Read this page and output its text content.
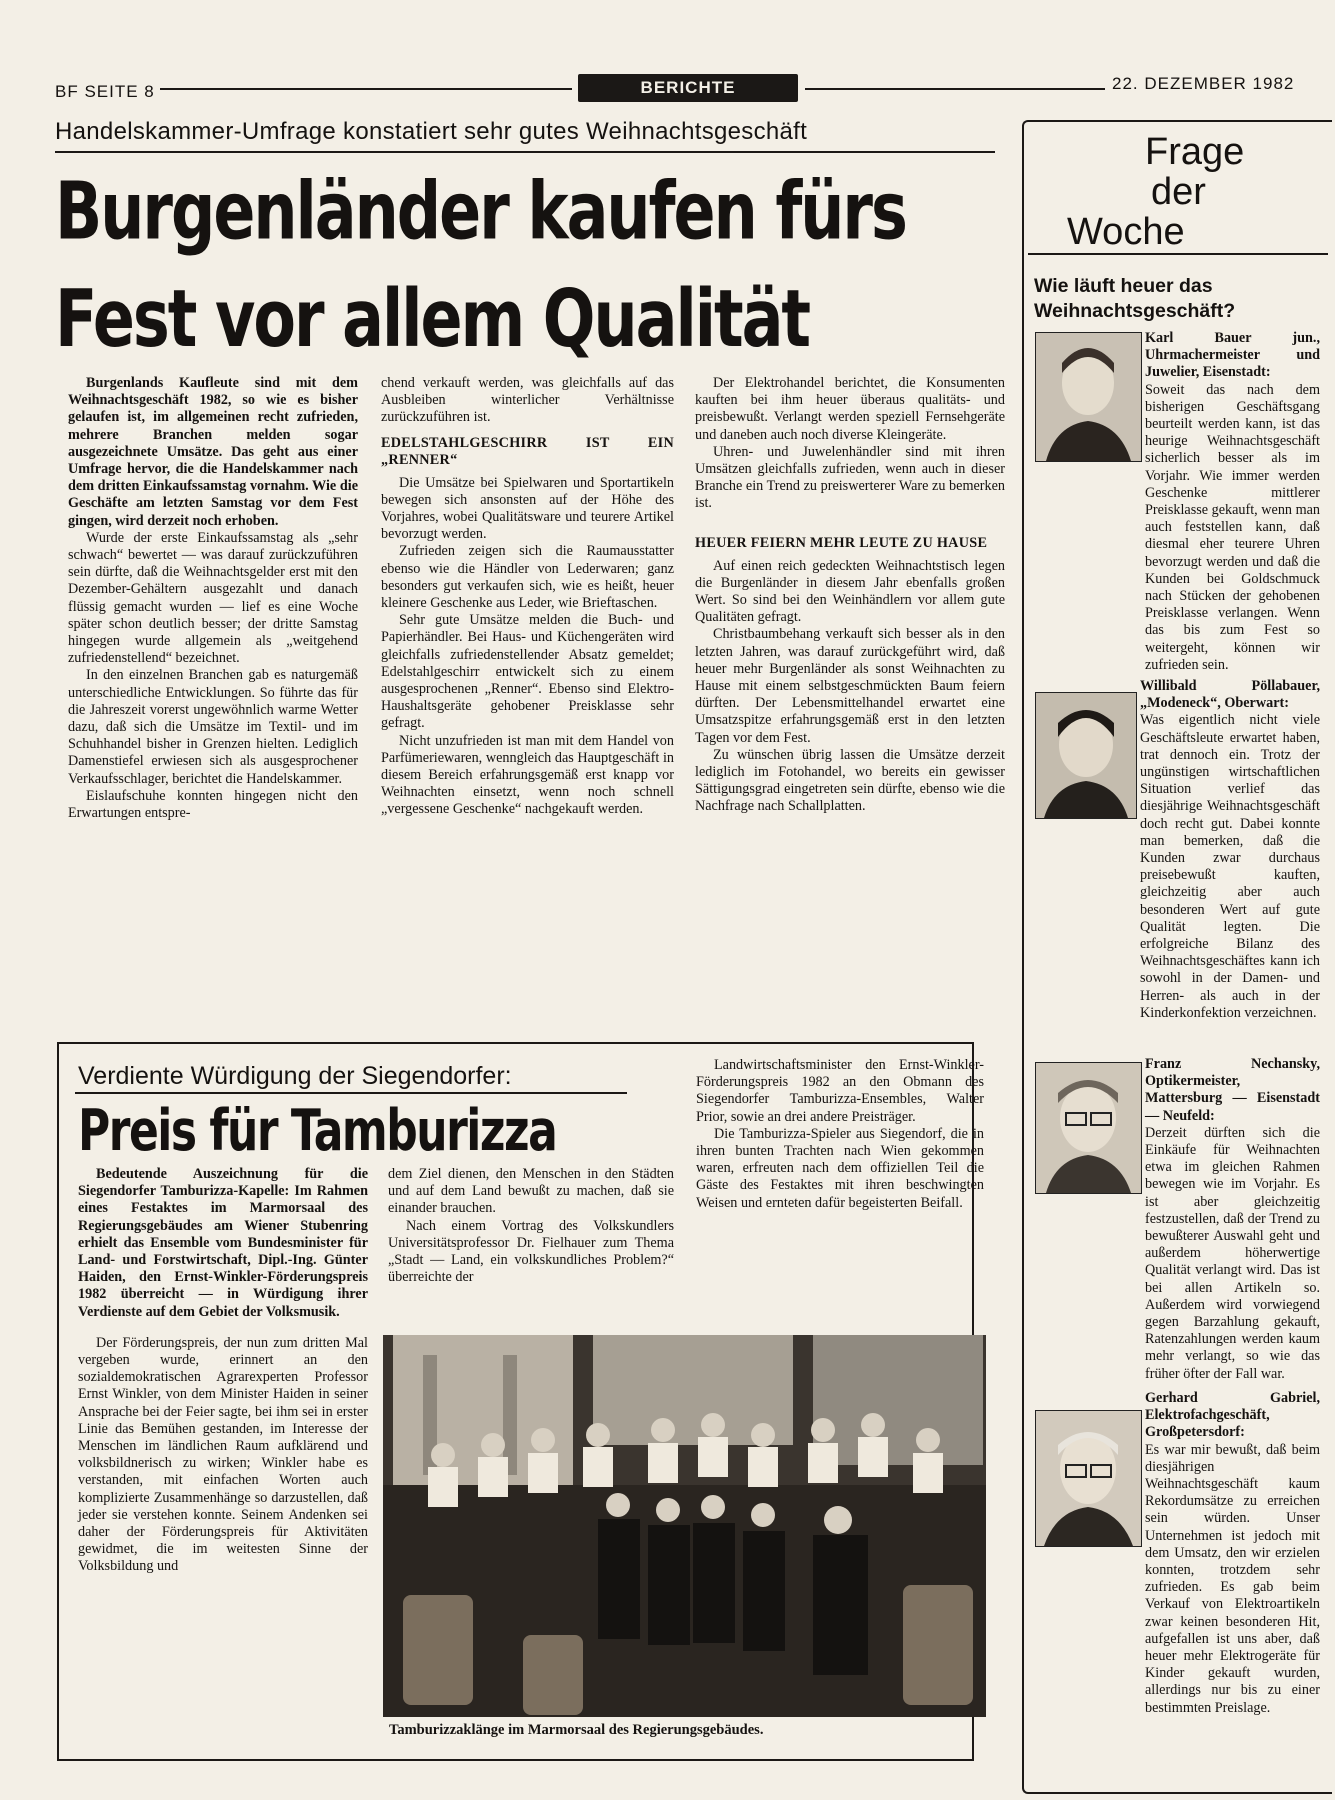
BF SEITE 8	BERICHTE	22. DEZEMBER 1982
Handelskammer-Umfrage konstatiert sehr gutes Weihnachtsgeschäft
Burgenländer kaufen fürs
Fest vor allem Qualität

Burgenlands Kaufleute sind mit dem Weihnachtsgeschäft 1982, so wie es bisher gelaufen ist, im allgemeinen recht zufrieden, mehrere Branchen melden sogar ausgezeichnete Umsätze. Das geht aus einer Umfrage hervor, die die Handelskammer nach dem dritten Einkaufssamstag vornahm. Wie die Geschäfte am letzten Samstag vor dem Fest gingen, wird derzeit noch erhoben.

Wurde der erste Einkaufssamstag als „sehr schwach“ bewertet — was darauf zurückzuführen sein dürfte, daß die Weihnachtsgelder erst mit den Dezember-Gehältern ausgezahlt und danach flüssig gemacht wurden — lief es eine Woche später schon deutlich besser; der dritte Samstag hingegen wurde allgemein als „weitgehend zufriedenstellend“ bezeichnet.

In den einzelnen Branchen gab es naturgemäß unterschiedliche Entwicklungen. So führte das für die Jahreszeit vorerst ungewöhnlich warme Wetter dazu, daß sich die Umsätze im Textil- und im Schuhhandel bisher in Grenzen hielten. Lediglich Damenstiefel erwiesen sich als ausgesprochener Verkaufsschlager, berichtet die Handelskammer.

Eislaufschuhe konnten hingegen nicht den Erwartungen entspre-

chend verkauft werden, was gleichfalls auf das Ausbleiben winterlicher Verhältnisse zurückzuführen ist.

EDELSTAHLGESCHIRR IST EIN „RENNER“

Die Umsätze bei Spielwaren und Sportartikeln bewegen sich ansonsten auf der Höhe des Vorjahres, wobei Qualitätsware und teurere Artikel bevorzugt werden.

Zufrieden zeigen sich die Raumausstatter ebenso wie die Händler von Lederwaren; ganz besonders gut verkaufen sich, wie es heißt, heuer kleinere Geschenke aus Leder, wie Brieftaschen.

Sehr gute Umsätze melden die Buch- und Papierhändler. Bei Haus- und Küchengeräten wird gleichfalls zufriedenstellender Absatz gemeldet; Edelstahlgeschirr entwickelt sich zu einem ausgesprochenen „Renner“. Ebenso sind Elektro-Haushaltsgeräte gehobener Preisklasse sehr gefragt.

Nicht unzufrieden ist man mit dem Handel von Parfümeriewaren, wenngleich das Hauptgeschäft in diesem Bereich erfahrungsgemäß erst knapp vor Weihnachten einsetzt, wenn noch schnell „vergessene Geschenke“ nachgekauft werden.

Der Elektrohandel berichtet, die Konsumenten kauften bei ihm heuer überaus qualitäts- und preisbewußt. Verlangt werden speziell Fernsehgeräte und daneben auch noch diverse Kleingeräte.

Uhren- und Juwelenhändler sind mit ihren Umsätzen gleichfalls zufrieden, wenn auch in dieser Branche ein Trend zu preiswerterer Ware zu bemerken ist.

HEUER FEIERN MEHR LEUTE ZU HAUSE

Auf einen reich gedeckten Weihnachtstisch legen die Burgenländer in diesem Jahr ebenfalls großen Wert. So sind bei den Weinhändlern vor allem gute Qualitäten gefragt.

Christbaumbehang verkauft sich besser als in den letzten Jahren, was darauf zurückgeführt wird, daß heuer mehr Burgenländer als sonst Weihnachten zu Hause mit einem selbstgeschmückten Baum feiern dürften. Der Lebensmittelhandel erwartet eine Umsatzspitze erfahrungsgemäß erst in den letzten Tagen vor dem Fest.

Zu wünschen übrig lassen die Umsätze derzeit lediglich im Fotohandel, wo bereits ein gewisser Sättigungsgrad eingetreten sein dürfte, ebenso wie die Nachfrage nach Schallplatten.

Verdiente Würdigung der Siegendorfer:
Preis für Tamburizza

Bedeutende Auszeichnung für die Siegendorfer Tamburizza-Kapelle: Im Rahmen eines Festaktes im Marmorsaal des Regierungsgebäudes am Wiener Stubenring erhielt das Ensemble vom Bundesminister für Land- und Forstwirtschaft, Dipl.-Ing. Günter Haiden, den Ernst-Winkler-Förderungspreis 1982 überreicht — in Würdigung ihrer Verdienste auf dem Gebiet der Volksmusik.

Der Förderungspreis, der nun zum dritten Mal vergeben wurde, erinnert an den sozialdemokratischen Agrarexperten Professor Ernst Winkler, von dem Minister Haiden in seiner Ansprache bei der Feier sagte, bei ihm sei in erster Linie das Bemühen gestanden, im Interesse der Menschen im ländlichen Raum aufklärend und volksbildnerisch zu wirken; Winkler habe es verstanden, mit einfachen Worten auch komplizierte Zusammenhänge so darzustellen, daß jeder sie verstehen konnte. Seinem Andenken sei daher der Förderungspreis für Aktivitäten gewidmet, die im weitesten Sinne der Volksbildung und

dem Ziel dienen, den Menschen in den Städten und auf dem Land bewußt zu machen, daß sie einander brauchen.

Nach einem Vortrag des Volkskundlers Universitätsprofessor Dr. Fielhauer zum Thema „Stadt — Land, ein volkskundliches Problem?“ überreichte der

Landwirtschaftsminister den Ernst-Winkler-Förderungspreis 1982 an den Obmann des Siegendorfer Tamburizza-Ensembles, Walter Prior, sowie an drei andere Preisträger.

Die Tamburizza-Spieler aus Siegendorf, die in ihren bunten Trachten nach Wien gekommen waren, erfreuten nach dem offiziellen Teil die Gäste des Festaktes mit ihren beschwingten Weisen und ernteten dafür begeisterten Beifall.

Tamburizzaklänge im Marmorsaal des Regierungsgebäudes.
Frage
der
Woche
Wie läuft heuer das Weihnachtsgeschäft?

Karl Bauer jun., Uhrmachermeister und Juwelier, Eisenstadt:

Soweit das nach dem bisherigen Geschäftsgang beurteilt werden kann, ist das heurige Weihnachtsgeschäft sicherlich besser als im Vorjahr. Wie immer werden Geschenke mittlerer Preisklasse gekauft, wenn man auch feststellen kann, daß diesmal eher teurere Uhren bevorzugt werden und daß die Kunden bei Goldschmuck nach Stücken der gehobenen Preisklasse verlangen. Wenn das bis zum Fest so weitergeht, können wir zufrieden sein.

Willibald Pöllabauer, „Modeneck“, Oberwart:

Was eigentlich nicht viele Geschäftsleute erwartet haben, trat dennoch ein. Trotz der ungünstigen wirtschaftlichen Situation verlief das diesjährige Weihnachtsgeschäft doch recht gut. Dabei konnte man bemerken, daß die Kunden zwar durchaus preisebewußt kauften, gleichzeitig aber auch besonderen Wert auf gute Qualität legten. Die erfolgreiche Bilanz des Weihnachtsgeschäftes kann ich sowohl in der Damen- und Herren- als auch in der Kinderkonfektion verzeichnen.

Franz Nechansky, Optikermeister, Mattersburg — Eisenstadt — Neufeld:

Derzeit dürften sich die Einkäufe für Weihnachten etwa im gleichen Rahmen bewegen wie im Vorjahr. Es ist aber gleichzeitig festzustellen, daß der Trend zu bewußterer Auswahl geht und außerdem höherwertige Qualität verlangt wird. Das ist bei allen Artikeln so. Außerdem wird vorwiegend gegen Barzahlung gekauft, Ratenzahlungen werden kaum mehr verlangt, so wie das früher öfter der Fall war.

Gerhard Gabriel, Elektrofachgeschäft, Großpetersdorf:

Es war mir bewußt, daß beim diesjährigen Weihnachtsgeschäft kaum Rekordumsätze zu erreichen sein würden. Unser Unternehmen ist jedoch mit dem Umsatz, den wir erzielen konnten, trotzdem sehr zufrieden. Es gab beim Verkauf von Elektroartikeln zwar keinen besonderen Hit, aufgefallen ist uns aber, daß heuer mehr Elektrogeräte für Kinder gekauft wurden, allerdings nur bis zu einer bestimmten Preislage.
